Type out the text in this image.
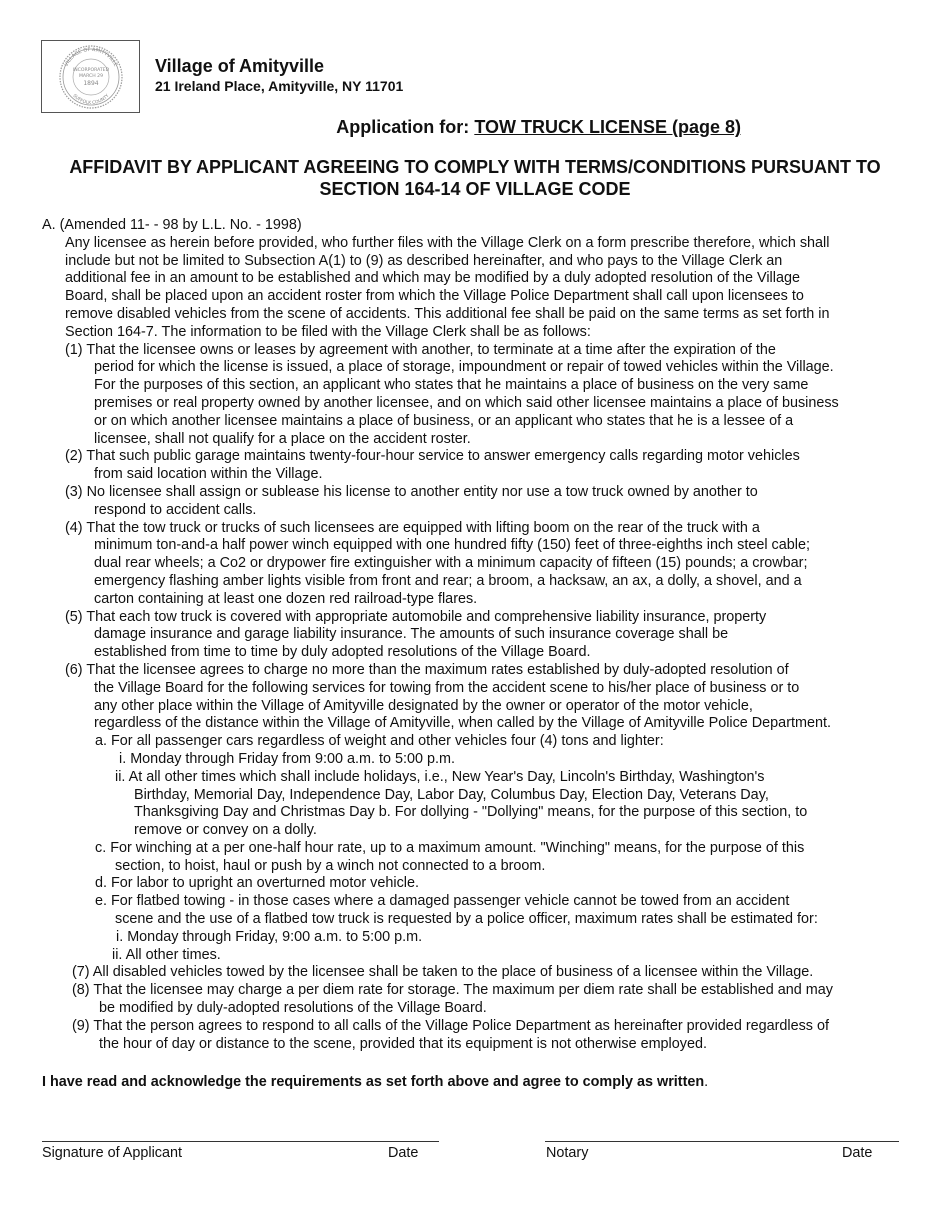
VILLAGE OF AMITYVILLE
SUFFOLK COUNTY
INCORPORATED
MARCH 29
1894
Village of Amityville

21 Ireland Place, Amityville, NY 11701

Application for: TOW TRUCK LICENSE (page 8)
AFFIDAVIT BY APPLICANT AGREEING TO COMPLY WITH TERMS/CONDITIONS PURSUANT TO
SECTION 164-14 OF VILLAGE CODE
A. (Amended 11- - 98 by L.L. No. - 1998)
Any licensee as herein before provided, who further files with the Village Clerk on a form prescribe therefore, which shall
include but not be limited to Subsection A(1) to (9) as described hereinafter, and who pays to the Village Clerk an
additional fee in an amount to be established and which may be modified by a duly adopted resolution of the Village
Board, shall be placed upon an accident roster from which the Village Police Department shall call upon licensees to
remove disabled vehicles from the scene of accidents. This additional fee shall be paid on the same terms as set forth in
Section 164-7. The information to be filed with the Village Clerk shall be as follows:
(1) That the licensee owns or leases by agreement with another, to terminate at a time after the expiration of the
period for which the license is issued, a place of storage, impoundment or repair of towed vehicles within the Village.
For the purposes of this section, an applicant who states that he maintains a place of business on the very same
premises or real property owned by another licensee, and on which said other licensee maintains a place of business
or on which another licensee maintains a place of business, or an applicant who states that he is a lessee of a
licensee, shall not qualify for a place on the accident roster.
(2) That such public garage maintains twenty-four-hour service to answer emergency calls regarding motor vehicles
from said location within the Village.
(3) No licensee shall assign or sublease his license to another entity nor use a tow truck owned by another to
respond to accident calls.
(4) That the tow truck or trucks of such licensees are equipped with lifting boom on the rear of the truck with a
minimum ton-and-a half power winch equipped with one hundred fifty (150) feet of three-eighths inch steel cable;
dual rear wheels; a Co2 or drypower fire extinguisher with a minimum capacity of fifteen (15) pounds; a crowbar;
emergency flashing amber lights visible from front and rear; a broom, a hacksaw, an ax, a dolly, a shovel, and a
carton containing at least one dozen red railroad-type flares.
(5) That each tow truck is covered with appropriate automobile and comprehensive liability insurance, property
damage insurance and garage liability insurance. The amounts of such insurance coverage shall be
established from time to time by duly adopted resolutions of the Village Board.
(6) That the licensee agrees to charge no more than the maximum rates established by duly-adopted resolution of
the Village Board for the following services for towing from the accident scene to his/her place of business or to
any other place within the Village of Amityville designated by the owner or operator of the motor vehicle,
regardless of the distance within the Village of Amityville, when called by the Village of Amityville Police Department.
a. For all passenger cars regardless of weight and other vehicles four (4) tons and lighter:
i. Monday through Friday from 9:00 a.m. to 5:00 p.m.
ii. At all other times which shall include holidays, i.e., New Year's Day, Lincoln's Birthday, Washington's
Birthday, Memorial Day, Independence Day, Labor Day, Columbus Day, Election Day, Veterans Day,
Thanksgiving Day and Christmas Day b. For dollying - "Dollying" means, for the purpose of this section, to
remove or convey on a dolly.
c. For winching at a per one-half hour rate, up to a maximum amount. "Winching" means, for the purpose of this
section, to hoist, haul or push by a winch not connected to a broom.
d. For labor to upright an overturned motor vehicle.
e. For flatbed towing - in those cases where a damaged passenger vehicle cannot be towed from an accident
scene and the use of a flatbed tow truck is requested by a police officer, maximum rates shall be estimated for:
i. Monday through Friday, 9:00 a.m. to 5:00 p.m.
ii. All other times.
(7) All disabled vehicles towed by the licensee shall be taken to the place of business of a licensee within the Village.
(8) That the licensee may charge a per diem rate for storage. The maximum per diem rate shall be established and may
be modified by duly-adopted resolutions of the Village Board.
(9) That the person agrees to respond to all calls of the Village Police Department as hereinafter provided regardless of
the hour of day or distance to the scene, provided that its equipment is not otherwise employed.
I have read and acknowledge the requirements as set forth above and agree to comply as written.
Signature of Applicant	Date	Notary	Date
